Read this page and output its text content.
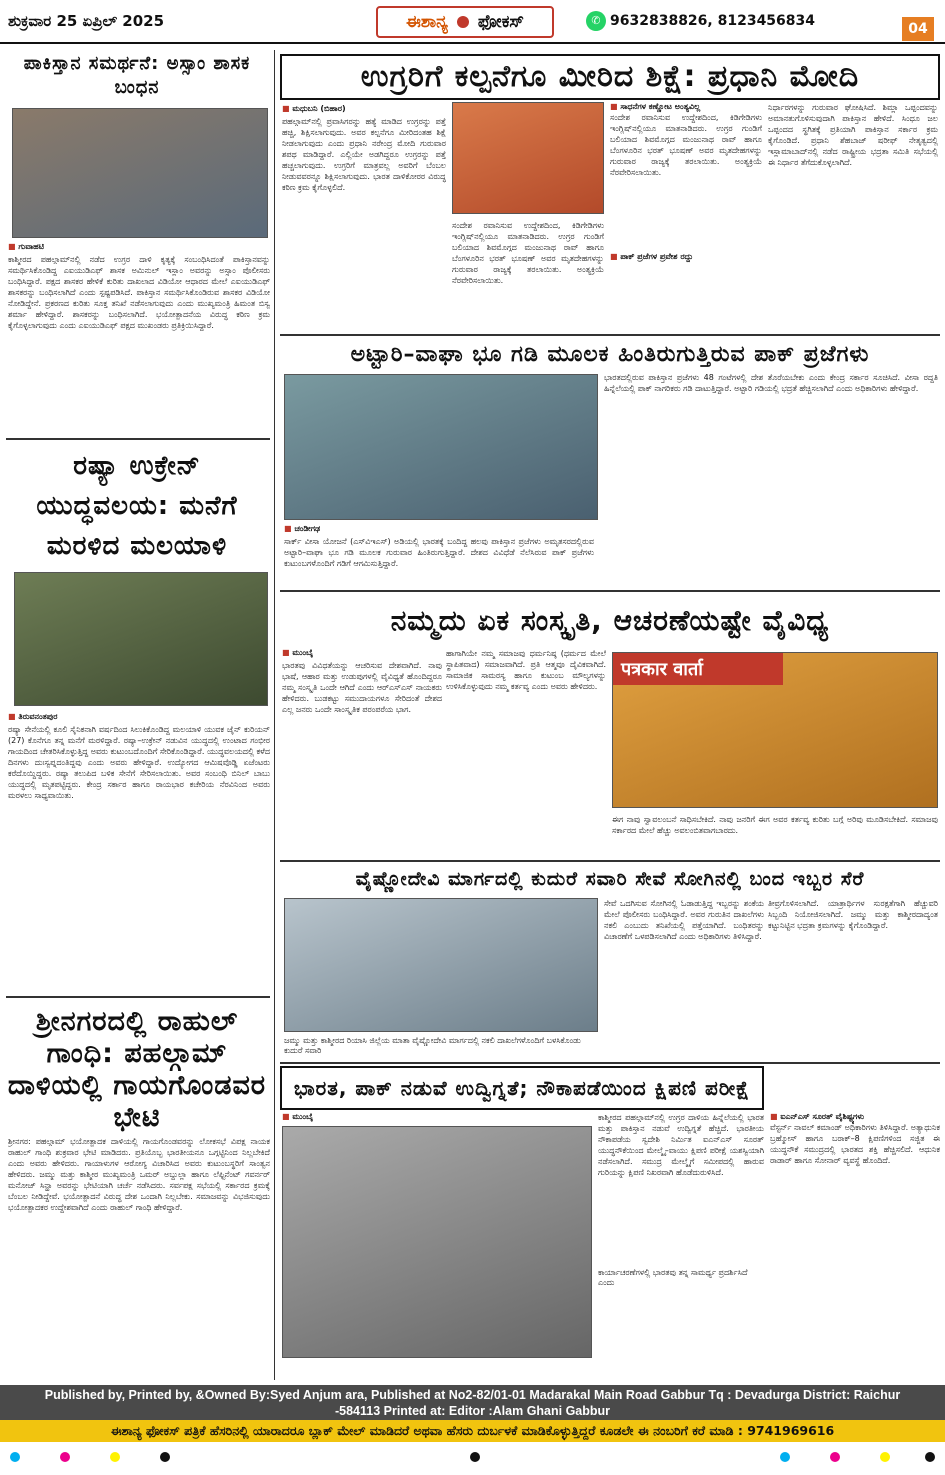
ಶುಕ್ರವಾರ 25 ಏಪ್ರಿಲ್ 2025	ಈಶಾನ್ಯ ಫೋಕಸ್	✆ 9632838826, 8123456834	04
ಪಾಕಿಸ್ತಾನ ಸಮರ್ಥನೆ: ಅಸ್ಸಾಂ ಶಾಸಕ ಬಂಧನ
■ ಗುವಾಹಟಿ
ಕಾಶ್ಮೀರದ ಪಹಲ್ಗಾಮ್‌ನಲ್ಲಿ ನಡೆದ ಉಗ್ರರ ದಾಳಿ ಕೃತ್ಯಕ್ಕೆ ಸಂಬಂಧಿಸಿದಂತೆ ಪಾಕಿಸ್ತಾನವನ್ನು ಸಮರ್ಥಿಸಿಕೊಂಡಿದ್ದ ಎಐಯುಡಿಎಫ್ ಶಾಸಕ ಅಮಿನುಲ್ ಇಸ್ಲಾಂ ಅವರನ್ನು ಅಸ್ಸಾಂ ಪೊಲೀಸರು ಬಂಧಿಸಿದ್ದಾರೆ. ಪಕ್ಷದ ಶಾಸಕರ ಹೇಳಿಕೆ ಕುರಿತು ದಾಖಲಾದ ವಿಡಿಯೋ ಆಧಾರದ ಮೇಲೆ ಎಐಯುಡಿಎಫ್ ಶಾಸಕರನ್ನು ಬಂಧಿಸಲಾಗಿದೆ ಎಂದು ಸ್ಪಷ್ಟಪಡಿಸಿದೆ. ಪಾಕಿಸ್ತಾನ ಸಮರ್ಥಿಸಿಕೊಂಡಿರುವ ಶಾಸಕರ ವಿಡಿಯೋ ನೋಡಿದ್ದೇನೆ. ಪ್ರಕರಣದ ಕುರಿತು ಸೂಕ್ತ ತನಿಖೆ ನಡೆಸಲಾಗುವುದು ಎಂದು ಮುಖ್ಯಮಂತ್ರಿ ಹಿಮಂತ ಬಿಸ್ವ ಶರ್ಮಾ ಹೇಳಿದ್ದಾರೆ. ಶಾಸಕರನ್ನು ಬಂಧಿಸಲಾಗಿದೆ. ಭಯೋತ್ಪಾದನೆಯ ವಿರುದ್ಧ ಕಠಿಣ ಕ್ರಮ ಕೈಗೊಳ್ಳಲಾಗುವುದು ಎಂದು ಎಐಯುಡಿಎಫ್ ಪಕ್ಷದ ಮುಖಂಡರು ಪ್ರತಿಕ್ರಿಯಿಸಿದ್ದಾರೆ.
ರಷ್ಯಾ ಉಕ್ರೇನ್ ಯುದ್ಧವಲಯ: ಮನೆಗೆ ಮರಳಿದ ಮಲಯಾಳಿ
■ ತಿರುವನಂತಪುರ
ರಷ್ಯಾ ಸೇನೆಯಲ್ಲಿ ಕೂಲಿ ಸೈನಿಕನಾಗಿ ವರ್ಷದಿಂದ ಸಿಲುಕಿಕೊಂಡಿದ್ದ ಮಲಯಾಳಿ ಯುವಕ ಜೈನ್ ಕುರಿಯನ್ (27) ಕೊನೆಗೂ ತನ್ನ ಮನೆಗೆ ಮರಳಿದ್ದಾರೆ. ರಷ್ಯಾ–ಉಕ್ರೇನ್ ನಡುವಿನ ಯುದ್ಧದಲ್ಲಿ ಉಂಟಾದ ಗಂಭೀರ ಗಾಯದಿಂದ ಚೇತರಿಸಿಕೊಳ್ಳುತ್ತಿದ್ದ ಅವರು ಕುಟುಂಬದೊಂದಿಗೆ ಸೇರಿಕೊಂಡಿದ್ದಾರೆ. ಯುದ್ಧವಲಯದಲ್ಲಿ ಕಳೆದ ದಿನಗಳು ದುಃಸ್ವಪ್ನದಂತಿದ್ದವು ಎಂದು ಅವರು ಹೇಳಿದ್ದಾರೆ. ಉದ್ಯೋಗದ ಆಮಿಷವೊಡ್ಡಿ ಏಜೆಂಟರು ಕರೆದೊಯ್ದಿದ್ದರು. ರಷ್ಯಾ ತಲುಪಿದ ಬಳಿಕ ಸೇನೆಗೆ ಸೇರಿಸಲಾಯಿತು. ಅವರ ಸಂಬಂಧಿ ಬಿನಿಲ್ ಬಾಬು ಯುದ್ಧದಲ್ಲಿ ಮೃತಪಟ್ಟಿದ್ದರು. ಕೇಂದ್ರ ಸರ್ಕಾರ ಹಾಗೂ ರಾಯಭಾರ ಕಚೇರಿಯ ನೆರವಿನಿಂದ ಅವರು ಮರಳಲು ಸಾಧ್ಯವಾಯಿತು.
ಶ್ರೀನಗರದಲ್ಲಿ ರಾಹುಲ್ ಗಾಂಧಿ: ಪಹಲ್ಗಾಮ್ ದಾಳಿಯಲ್ಲಿ ಗಾಯಗೊಂಡವರ ಭೇಟಿ
ಶ್ರೀನಗರ: ಪಹಲ್ಗಾಮ್ ಭಯೋತ್ಪಾದಕ ದಾಳಿಯಲ್ಲಿ ಗಾಯಗೊಂಡವರನ್ನು ಲೋಕಸಭೆ ವಿಪಕ್ಷ ನಾಯಕ ರಾಹುಲ್ ಗಾಂಧಿ ಶುಕ್ರವಾರ ಭೇಟಿ ಮಾಡಿದರು. ಪ್ರತಿಯೊಬ್ಬ ಭಾರತೀಯನೂ ಒಗ್ಗಟ್ಟಿನಿಂದ ನಿಲ್ಲಬೇಕಿದೆ ಎಂದು ಅವರು ಹೇಳಿದರು. ಗಾಯಾಳುಗಳ ಆರೋಗ್ಯ ವಿಚಾರಿಸಿದ ಅವರು ಕುಟುಂಬಸ್ಥರಿಗೆ ಸಾಂತ್ವನ ಹೇಳಿದರು. ಜಮ್ಮು ಮತ್ತು ಕಾಶ್ಮೀರ ಮುಖ್ಯಮಂತ್ರಿ ಒಮರ್ ಅಬ್ದುಲ್ಲಾ ಹಾಗೂ ಲೆಫ್ಟಿನೆಂಟ್ ಗವರ್ನರ್ ಮನೋಜ್ ಸಿನ್ಹಾ ಅವರನ್ನು ಭೇಟಿಯಾಗಿ ಚರ್ಚೆ ನಡೆಸಿದರು. ಸರ್ವಪಕ್ಷ ಸಭೆಯಲ್ಲಿ ಸರ್ಕಾರದ ಕ್ರಮಕ್ಕೆ ಬೆಂಬಲ ನೀಡಿದ್ದೇವೆ. ಭಯೋತ್ಪಾದನೆ ವಿರುದ್ಧ ದೇಶ ಒಂದಾಗಿ ನಿಲ್ಲಬೇಕು. ಸಮಾಜವನ್ನು ವಿಭಜಿಸುವುದು ಭಯೋತ್ಪಾದಕರ ಉದ್ದೇಶವಾಗಿದೆ ಎಂದು ರಾಹುಲ್ ಗಾಂಧಿ ಹೇಳಿದ್ದಾರೆ.
ಉಗ್ರರಿಗೆ ಕಲ್ಪನೆಗೂ ಮೀರಿದ ಶಿಕ್ಷೆ: ಪ್ರಧಾನಿ ಮೋದಿ
■ ಮಧುಬನಿ (ಬಿಹಾರ)
ಪಹಲ್ಗಾಮ್‌ನಲ್ಲಿ ಪ್ರವಾಸಿಗರನ್ನು ಹತ್ಯೆ ಮಾಡಿದ ಉಗ್ರರನ್ನು ಪತ್ತೆ ಹಚ್ಚಿ, ಶಿಕ್ಷಿಸಲಾಗುವುದು. ಅವರ ಕಲ್ಪನೆಗೂ ಮೀರಿದಂತಹ ಶಿಕ್ಷೆ ನೀಡಲಾಗುವುದು ಎಂದು ಪ್ರಧಾನಿ ನರೇಂದ್ರ ಮೋದಿ ಗುರುವಾರ ಶಪಥ ಮಾಡಿದ್ದಾರೆ. ಎಲ್ಲಿಯೇ ಅಡಗಿದ್ದರೂ ಉಗ್ರರನ್ನು ಪತ್ತೆ ಹಚ್ಚಲಾಗುವುದು. ಉಗ್ರರಿಗೆ ಮಾತ್ರವಲ್ಲ ಅವರಿಗೆ ಬೆಂಬಲ ನೀಡುವವರನ್ನೂ ಶಿಕ್ಷಿಸಲಾಗುವುದು. ಭಾರತ ದಾಳಿಕೋರರ ವಿರುದ್ಧ ಕಠಿಣ ಕ್ರಮ ಕೈಗೊಳ್ಳಲಿದೆ.
ಸಂದೇಶ ರವಾನಿಸುವ ಉದ್ದೇಶದಿಂದ, ಕಿಡಿಗೇಡಿಗಳು ಇಂಗ್ಲಿಷ್‌ನಲ್ಲಿಯೂ ಮಾತನಾಡಿದರು. ಉಗ್ರರ ಗುಂಡಿಗೆ ಬಲಿಯಾದ ಶಿವಮೊಗ್ಗದ ಮಂಜುನಾಥ ರಾವ್ ಹಾಗೂ ಬೆಂಗಳೂರಿನ ಭರತ್ ಭೂಷಣ್ ಅವರ ಮೃತದೇಹಗಳನ್ನು ಗುರುವಾರ ರಾಜ್ಯಕ್ಕೆ ತರಲಾಯಿತು. ಅಂತ್ಯಕ್ರಿಯೆ ನೆರವೇರಿಸಲಾಯಿತು.
■ ಸಾಧನೆಗಳ ಕಣ್ಣೋಟ ಅಂತ್ಯವಿಲ್ಲ
ಸಂದೇಶ ರವಾನಿಸುವ ಉದ್ದೇಶದಿಂದ, ಕಿಡಿಗೇಡಿಗಳು ಇಂಗ್ಲಿಷ್‌ನಲ್ಲಿಯೂ ಮಾತನಾಡಿದರು. ಉಗ್ರರ ಗುಂಡಿಗೆ ಬಲಿಯಾದ ಶಿವಮೊಗ್ಗದ ಮಂಜುನಾಥ ರಾವ್ ಹಾಗೂ ಬೆಂಗಳೂರಿನ ಭರತ್ ಭೂಷಣ್ ಅವರ ಮೃತದೇಹಗಳನ್ನು ಗುರುವಾರ ರಾಜ್ಯಕ್ಕೆ ತರಲಾಯಿತು. ಅಂತ್ಯಕ್ರಿಯೆ ನೆರವೇರಿಸಲಾಯಿತು.
■ ಪಾಕ್ ಪ್ರಜೆಗಳ ಪ್ರವೇಶ ರದ್ದು
ನಿರ್ಧಾರಗಳನ್ನು ಗುರುವಾರ ಘೋಷಿಸಿದೆ. ಶಿಮ್ಲಾ ಒಪ್ಪಂದವನ್ನು ಅಮಾನತುಗೊಳಿಸುವುದಾಗಿ ಪಾಕಿಸ್ತಾನ ಹೇಳಿದೆ. ಸಿಂಧೂ ಜಲ ಒಪ್ಪಂದದ ಸ್ಥಗಿತಕ್ಕೆ ಪ್ರತಿಯಾಗಿ ಪಾಕಿಸ್ತಾನ ಸರ್ಕಾರ ಕ್ರಮ ಕೈಗೊಂಡಿದೆ. ಪ್ರಧಾನಿ ಶೆಹಬಾಜ್ ಷರೀಫ್ ನೇತೃತ್ವದಲ್ಲಿ ಇಸ್ಲಾಮಾಬಾದ್‌ನಲ್ಲಿ ನಡೆದ ರಾಷ್ಟ್ರೀಯ ಭದ್ರತಾ ಸಮಿತಿ ಸಭೆಯಲ್ಲಿ ಈ ನಿರ್ಧಾರ ತೆಗೆದುಕೊಳ್ಳಲಾಗಿದೆ.
ಅಟ್ಟಾರಿ–ವಾಘಾ ಭೂ ಗಡಿ ಮೂಲಕ ಹಿಂತಿರುಗುತ್ತಿರುವ ಪಾಕ್ ಪ್ರಜೆಗಳು
■ ಚಂಡೀಗಢ
ಸಾರ್ಕ್ ವೀಸಾ ಯೋಜನೆ (ಎಸ್‌ವಿಇಎಸ್) ಅಡಿಯಲ್ಲಿ ಭಾರತಕ್ಕೆ ಬಂದಿದ್ದ ಹಲವು ಪಾಕಿಸ್ತಾನ ಪ್ರಜೆಗಳು ಅಮೃತಸರದಲ್ಲಿರುವ ಅಟ್ಟಾರಿ–ವಾಘಾ ಭೂ ಗಡಿ ಮೂಲಕ ಗುರುವಾರ ಹಿಂತಿರುಗುತ್ತಿದ್ದಾರೆ. ದೇಶದ ವಿವಿಧೆಡೆ ನೆಲೆಸಿರುವ ಪಾಕ್ ಪ್ರಜೆಗಳು ಕುಟುಂಬಗಳೊಂದಿಗೆ ಗಡಿಗೆ ಆಗಮಿಸುತ್ತಿದ್ದಾರೆ.
ಭಾರತದಲ್ಲಿರುವ ಪಾಕಿಸ್ತಾನ ಪ್ರಜೆಗಳು 48 ಗಂಟೆಗಳಲ್ಲಿ ದೇಶ ತೊರೆಯಬೇಕು ಎಂದು ಕೇಂದ್ರ ಸರ್ಕಾರ ಸೂಚಿಸಿದೆ. ವೀಸಾ ರದ್ದತಿ ಹಿನ್ನೆಲೆಯಲ್ಲಿ ಪಾಕ್ ನಾಗರಿಕರು ಗಡಿ ದಾಟುತ್ತಿದ್ದಾರೆ. ಅಟ್ಟಾರಿ ಗಡಿಯಲ್ಲಿ ಭದ್ರತೆ ಹೆಚ್ಚಿಸಲಾಗಿದೆ ಎಂದು ಅಧಿಕಾರಿಗಳು ಹೇಳಿದ್ದಾರೆ.
ನಮ್ಮದು ಏಕ ಸಂಸ್ಕೃತಿ, ಆಚರಣೆಯಷ್ಟೇ ವೈವಿಧ್ಯ
■ ಮುಂಬೈ
ಭಾರತವು ವಿವಿಧತೆಯನ್ನು ಆಚರಿಸುವ ದೇಶವಾಗಿದೆ. ನಾವು ಭಾಷೆ, ಆಹಾರ ಮತ್ತು ಉಡುಪುಗಳಲ್ಲಿ ವೈವಿಧ್ಯತೆ ಹೊಂದಿದ್ದರೂ ನಮ್ಮ ಸಂಸ್ಕೃತಿ ಒಂದೇ ಆಗಿದೆ ಎಂದು ಆರ್‌ಎಸ್‌ಎಸ್ ನಾಯಕರು ಹೇಳಿದರು. ಬುಡಕಟ್ಟು ಸಮುದಾಯಗಳೂ ಸೇರಿದಂತೆ ದೇಶದ ಎಲ್ಲ ಜನರು ಒಂದೇ ಸಾಂಸ್ಕೃತಿಕ ಪರಂಪರೆಯ ಭಾಗ.
ಹಾಗಾಗಿಯೇ ನಮ್ಮ ಸಮಾಜವು ಧರ್ಮನಿಷ್ಠ (ಧರ್ಮದ ಮೇಲೆ ಸ್ಥಾಪಿತವಾದ) ಸಮಾಜವಾಗಿದೆ. ಪ್ರತಿ ಆತ್ಮವೂ ದೈವಿಕವಾಗಿದೆ. ಸಾಮಾಜಿಕ ಸಾಮರಸ್ಯ ಹಾಗೂ ಕುಟುಂಬ ಮೌಲ್ಯಗಳನ್ನು ಉಳಿಸಿಕೊಳ್ಳುವುದು ನಮ್ಮ ಕರ್ತವ್ಯ ಎಂದು ಅವರು ಹೇಳಿದರು.
पत्रकार वार्ता
ಈಗ ನಾವು ಸ್ವಾವಲಂಬನೆ ಸಾಧಿಸಬೇಕಿದೆ. ನಾವು ಜನರಿಗೆ ಈಗ ಅವರ ಕರ್ತವ್ಯ ಕುರಿತು ಬಗ್ಗೆ ಅರಿವು ಮೂಡಿಸಬೇಕಿದೆ. ಸಮಾಜವು ಸರ್ಕಾರದ ಮೇಲೆ ಹೆಚ್ಚು ಅವಲಂಬಿತವಾಗಬಾರದು.
ವೈಷ್ಣೋದೇವಿ ಮಾರ್ಗದಲ್ಲಿ ಕುದುರೆ ಸವಾರಿ ಸೇವೆ ಸೋಗಿನಲ್ಲಿ ಬಂದ ಇಬ್ಬರ ಸೆರೆ
ಜಮ್ಮು ಮತ್ತು ಕಾಶ್ಮೀರದ ರಿಯಾಸಿ ಜಿಲ್ಲೆಯ ಮಾತಾ ವೈಷ್ಣೋದೇವಿ ಮಾರ್ಗದಲ್ಲಿ ನಕಲಿ ದಾಖಲೆಗಳೊಂದಿಗೆ ಬಳಸಿಕೊಂಡು ಕುದುರೆ ಸವಾರಿ
ಸೇವೆ ಒದಗಿಸುವ ಸೋಗಿನಲ್ಲಿ ಓಡಾಡುತ್ತಿದ್ದ ಇಬ್ಬರನ್ನು ಶಂಕೆಯ ಮೇಲೆ ಪೊಲೀಸರು ಬಂಧಿಸಿದ್ದಾರೆ. ಅವರ ಗುರುತಿನ ದಾಖಲೆಗಳು ನಕಲಿ ಎಂಬುದು ತನಿಖೆಯಲ್ಲಿ ಪತ್ತೆಯಾಗಿದೆ. ಬಂಧಿತರನ್ನು ವಿಚಾರಣೆಗೆ ಒಳಪಡಿಸಲಾಗಿದೆ ಎಂದು ಅಧಿಕಾರಿಗಳು ತಿಳಿಸಿದ್ದಾರೆ.
ತೀವ್ರಗೊಳಿಸಲಾಗಿದೆ. ಯಾತ್ರಾರ್ಥಿಗಳ ಸುರಕ್ಷತೆಗಾಗಿ ಹೆಚ್ಚುವರಿ ಸಿಬ್ಬಂದಿ ನಿಯೋಜಿಸಲಾಗಿದೆ. ಜಮ್ಮು ಮತ್ತು ಕಾಶ್ಮೀರದಾದ್ಯಂತ ಕಟ್ಟುನಿಟ್ಟಿನ ಭದ್ರತಾ ಕ್ರಮಗಳನ್ನು ಕೈಗೊಂಡಿದ್ದಾರೆ.
ಭಾರತ, ಪಾಕ್ ನಡುವೆ ಉದ್ವಿಗ್ನತೆ; ನೌಕಾಪಡೆಯಿಂದ ಕ್ಷಿಪಣಿ ಪರೀಕ್ಷೆ
■ ಮುಂಬೈ	ಕಾಶ್ಮೀರದ ಪಹಲ್ಗಾಮ್‌ನಲ್ಲಿ ಉಗ್ರರ ದಾಳಿಯ ಹಿನ್ನೆಲೆಯಲ್ಲಿ ಭಾರತ ಮತ್ತು ಪಾಕಿಸ್ತಾನ ನಡುವೆ ಉದ್ವಿಗ್ನತೆ ಹೆಚ್ಚಿದೆ. ಭಾರತೀಯ ನೌಕಾಪಡೆಯ ಸ್ವದೇಶಿ ನಿರ್ಮಿತ ಐಎನ್‌ಎಸ್ ಸೂರತ್ ಯುದ್ಧನೌಕೆಯಿಂದ ಮೇಲ್ಮೈ–ವಾಯು ಕ್ಷಿಪಣಿ ಪರೀಕ್ಷೆ ಯಶಸ್ವಿಯಾಗಿ ನಡೆಸಲಾಗಿದೆ. ಸಮುದ್ರ ಮೇಲ್ಮೈಗೆ ಸಮೀಪದಲ್ಲಿ ಹಾರುವ ಗುರಿಯನ್ನು ಕ್ಷಿಪಣಿ ನಿಖರವಾಗಿ ಹೊಡೆದುರುಳಿಸಿದೆ.
ಕಾರ್ಯಾಚರಣೆಗಳಲ್ಲಿ ಭಾರತವು ತನ್ನ ಸಾಮರ್ಥ್ಯ ಪ್ರದರ್ಶಿಸಿದೆ ಎಂದು
■ ಐಎನ್‌ಎಸ್ ಸೂರತ್ ವೈಶಿಷ್ಟ್ಯಗಳು
ವೆಸ್ಟರ್ನ್ ನಾವಲ್ ಕಮಾಂಡ್ ಅಧಿಕಾರಿಗಳು ತಿಳಿಸಿದ್ದಾರೆ. ಅತ್ಯಾಧುನಿಕ ಬ್ರಹ್ಮೋಸ್ ಹಾಗೂ ಬರಾಕ್–8 ಕ್ಷಿಪಣಿಗಳಿಂದ ಸಜ್ಜಿತ ಈ ಯುದ್ಧನೌಕೆ ಸಮುದ್ರದಲ್ಲಿ ಭಾರತದ ಶಕ್ತಿ ಹೆಚ್ಚಿಸಲಿದೆ. ಆಧುನಿಕ ರಾಡಾರ್ ಹಾಗೂ ಸೋನಾರ್ ವ್ಯವಸ್ಥೆ ಹೊಂದಿದೆ.
Published by, Printed by, &Owned By:Syed Anjum ara, Published at No2-82/01-01 Madarakal Main Road Gabbur Tq : Devadurga District: Raichur
-584113 Printed at: Editor :Alam Ghani Gabbur
ಈಶಾನ್ಯ ಫೋಕಸ್ ಪತ್ರಿಕೆ ಹೆಸರಿನಲ್ಲಿ ಯಾರಾದರೂ ಬ್ಲಾಕ್ ಮೇಲ್ ಮಾಡಿದರೆ ಅಥವಾ ಹೆಸರು ದುರ್ಬಳಕೆ ಮಾಡಿಕೊಳ್ಳುತ್ತಿದ್ದರೆ ಕೂಡಲೇ ಈ ನಂಬರಿಗೆ ಕರೆ ಮಾಡಿ : 9741969616
